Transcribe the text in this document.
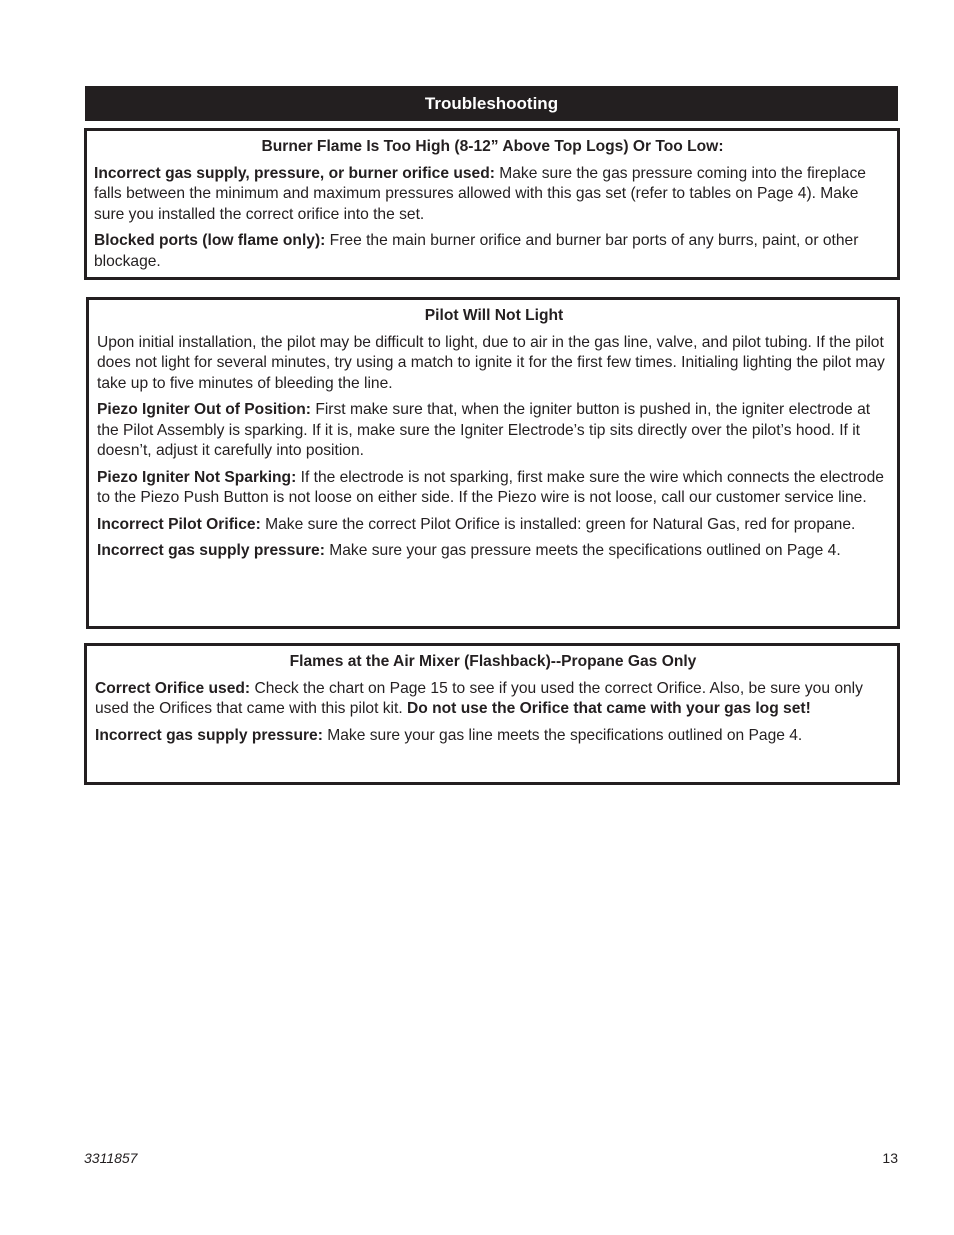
Troubleshooting
Burner Flame Is Too High (8-12” Above Top Logs) Or Too Low:

Incorrect gas supply, pressure, or burner orifice used: Make sure the gas pressure coming into the fireplace falls between the minimum and maximum pressures allowed with this gas set (refer to tables on Page 4). Make sure you installed the correct orifice into the set.

Blocked ports (low flame only): Free the main burner orifice and burner bar ports of any burrs, paint, or other blockage.

Pilot Will Not Light

Upon initial installation, the pilot may be difficult to light, due to air in the gas line, valve, and pilot tubing. If the pilot does not light for several minutes, try using a match to ignite it for the first few times. Initialing lighting the pilot may take up to five minutes of bleeding the line.

Piezo Igniter Out of Position: First make sure that, when the igniter button is pushed in, the igniter electrode at the Pilot Assembly is sparking. If it is, make sure the Igniter Electrode’s tip sits directly over the pilot’s hood. If it doesn’t, adjust it carefully into position.

Piezo Igniter Not Sparking: If the electrode is not sparking, first make sure the wire which connects the electrode to the Piezo Push Button is not loose on either side. If the Piezo wire is not loose, call our customer service line.

Incorrect Pilot Orifice: Make sure the correct Pilot Orifice is installed: green for Natural Gas, red for propane.

Incorrect gas supply pressure: Make sure your gas pressure meets the specifications outlined on Page 4.

Flames at the Air Mixer (Flashback)--Propane Gas Only

Correct Orifice used: Check the chart on Page 15 to see if you used the correct Orifice. Also, be sure you only used the Orifices that came with this pilot kit. Do not use the Orifice that came with your gas log set!

Incorrect gas supply pressure: Make sure your gas line meets the specifications outlined on Page 4.

3311857	13
